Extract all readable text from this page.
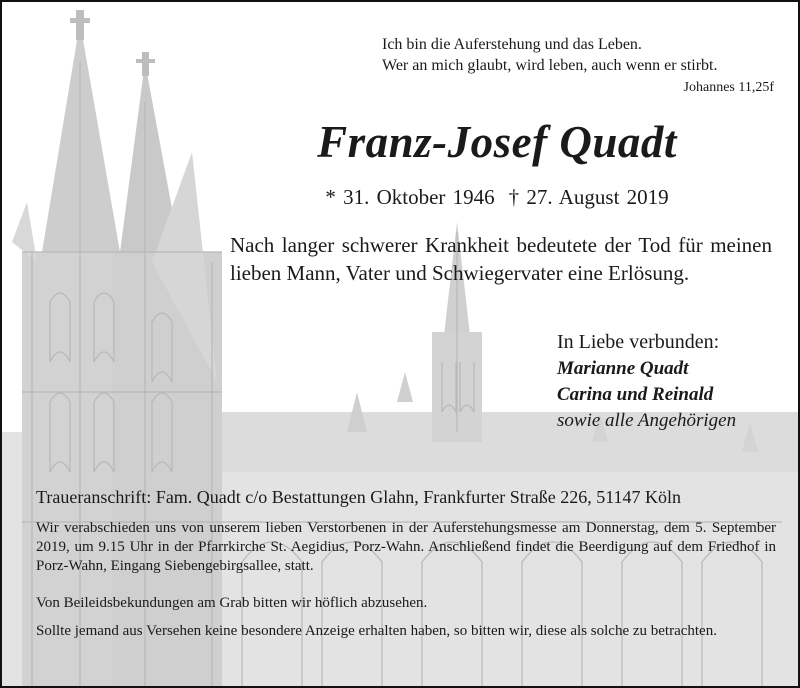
Ich bin die Auferstehung und das Leben.
Wer an mich glaubt, wird leben, auch wenn er stirbt.
Johannes 11,25f
Franz-Josef Quadt
* 31. Oktober 1946 † 27. August 2019

Nach langer schwerer Krankheit bedeutete der Tod für meinen lieben Mann, Vater und Schwiegervater eine Erlösung.

In Liebe verbunden:

Marianne Quadt

Carina und Reinald

sowie alle Angehörigen

Traueranschrift: Fam. Quadt c/o Bestattungen Glahn, Frankfurter Straße 226, 51147 Köln

Wir verabschieden uns von unserem lieben Verstorbenen in der Auferstehungsmesse am Donnerstag, dem 5. September 2019, um 9.15 Uhr in der Pfarrkirche St. Aegidius, Porz-Wahn. Anschließend findet die Beerdigung auf dem Friedhof in Porz-Wahn, Eingang Siebengebirgsallee, statt.

Von Beileidsbekundungen am Grab bitten wir höflich abzusehen.

Sollte jemand aus Versehen keine besondere Anzeige erhalten haben, so bitten wir, diese als solche zu betrachten.
